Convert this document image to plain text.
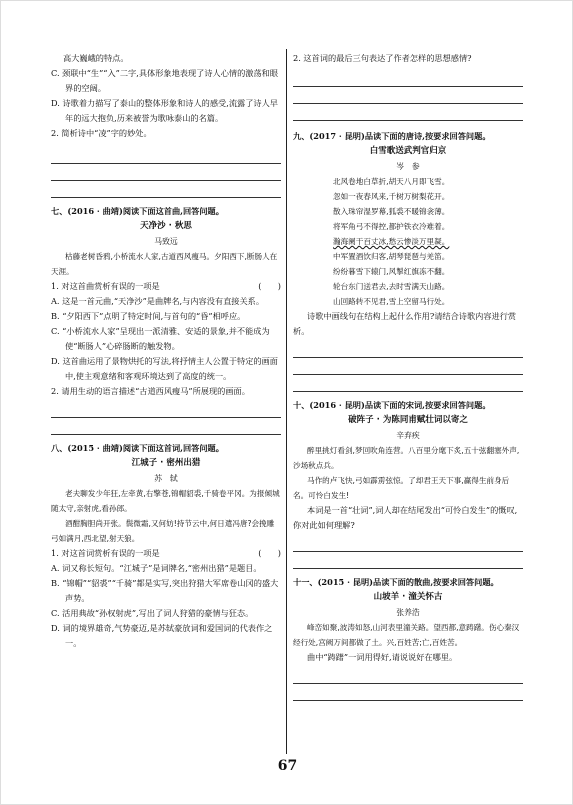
高大巍峨的特点。

C. 颈联中“生”“入”二字,具体形象地表现了诗人心情的激荡和眼界的空阔。

D. 诗歌着力描写了泰山的整体形象和诗人的感受,流露了诗人早年的远大抱负,历来被誉为歌咏泰山的名篇。

2. 简析诗中“凌”字的妙处。

七、(2016 · 曲靖)阅读下面这首曲,回答问题。

天净沙 · 秋思

马致远

枯藤老树昏鸦,小桥流水人家,古道西风瘦马。夕阳西下,断肠人在天涯。

1. 对这首曲赏析有误的一项是	(　　)

A. 这是一首元曲,“天净沙”是曲牌名,与内容没有直接关系。

B. “夕阳西下”点明了特定时间,与首句的“昏”相呼应。

C. “小桥流水人家”呈现出一派清雅、安适的景象,并不能成为使“断肠人”心碎肠断的触发物。

D. 这首曲运用了景物烘托的写法,将抒情主人公置于特定的画面中,使主观意绪和客观环境达到了高度的统一。

2. 请用生动的语言描述“古道西风瘦马”所展现的画面。

八、(2015 · 曲靖)阅读下面这首词,回答问题。

江城子 · 密州出猎

苏　轼

老夫聊发少年狂,左牵黄,右擎苍,锦帽貂裘,千骑卷平冈。为报倾城随太守,亲射虎,看孙郎。

酒酣胸胆尚开张。鬓微霜,又何妨!持节云中,何日遣冯唐?会挽雕弓如满月,西北望,射天狼。

1. 对这首词赏析有误的一项是	(　　)

A. 词又称长短句。“江城子”是词牌名,“密州出猎”是题目。

B. “锦帽”“貂裘”“千骑”都是实写,突出狩猎大军席卷山冈的盛大声势。

C. 活用典故“孙权射虎”,写出了词人狩猎的豪情与狂态。

D. 词的境界雄奇,气势豪迈,是苏轼豪放词和爱国词的代表作之一。

2. 这首词的最后三句表达了作者怎样的思想感情?

九、(2017 · 昆明)品读下面的唐诗,按要求回答问题。

白雪歌送武判官归京

岑　参

北风卷地白草折,胡天八月即飞雪。

忽如一夜春风来,千树万树梨花开。

散入珠帘湿罗幕,狐裘不暖锦衾薄。

将军角弓不得控,都护铁衣冷难着。

瀚海阑干百丈冰,愁云惨淡万里凝。

中军置酒饮归客,胡琴琵琶与羌笛。

纷纷暮雪下辕门,风掣红旗冻不翻。

轮台东门送君去,去时雪满天山路。

山回路转不见君,雪上空留马行处。

诗歌中画线句在结构上起什么作用?请结合诗歌内容进行赏析。

十、(2016 · 昆明)品读下面的宋词,按要求回答问题。

破阵子 · 为陈同甫赋壮词以寄之

辛弃疾

醉里挑灯看剑,梦回吹角连营。八百里分麾下炙,五十弦翻塞外声,沙场秋点兵。

马作的卢飞快,弓如霹雳弦惊。了却君王天下事,赢得生前身后名。可怜白发生!

本词是一首“壮词”,词人却在结尾发出“可怜白发生”的慨叹,你对此如何理解?

十一、(2015 · 昆明)品读下面的散曲,按要求回答问题。

山坡羊 · 潼关怀古

张养浩

峰峦如聚,波涛如怒,山河表里潼关路。望西都,意踌躇。伤心秦汉经行处,宫阙万间都做了土。兴,百姓苦;亡,百姓苦。

曲中“踌躇”一词用得好,请说说好在哪里。

67
